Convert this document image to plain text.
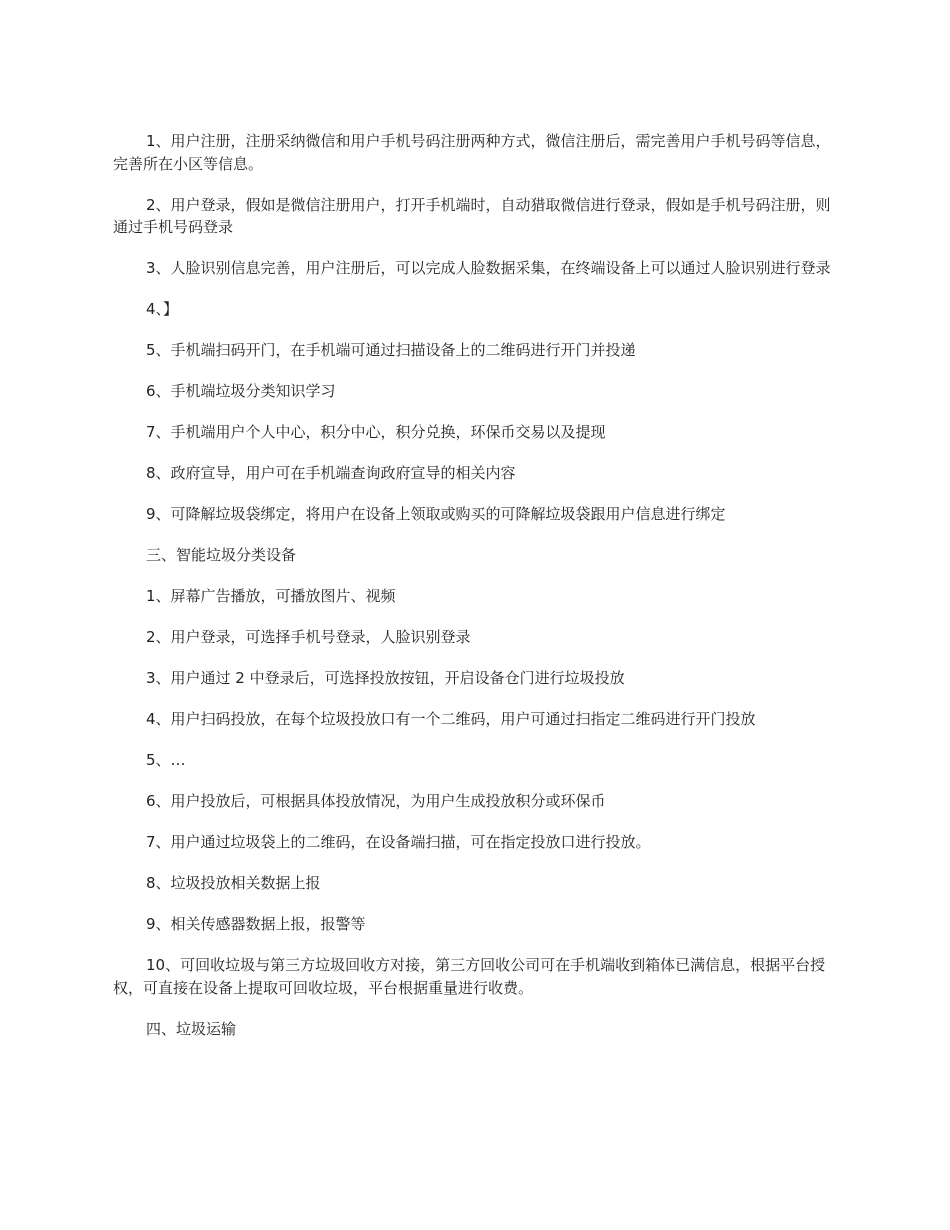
1、用户注册，注册采纳微信和用户手机号码注册两种方式，微信注册后，需完善用户手机号码等信息，完善所在小区等信息。

2、用户登录，假如是微信注册用户，打开手机端时，自动猎取微信进行登录，假如是手机号码注册，则通过手机号码登录

3、人脸识别信息完善，用户注册后，可以完成人脸数据采集，在终端设备上可以通过人脸识别进行登录

4、】

5、手机端扫码开门，在手机端可通过扫描设备上的二维码进行开门并投递

6、手机端垃圾分类知识学习

7、手机端用户个人中心，积分中心，积分兑换，环保币交易以及提现

8、政府宣导，用户可在手机端查询政府宣导的相关内容

9、可降解垃圾袋绑定，将用户在设备上领取或购买的可降解垃圾袋跟用户信息进行绑定

三、智能垃圾分类设备

1、屏幕广告播放，可播放图片、视频

2、用户登录，可选择手机号登录，人脸识别登录

3、用户通过 2 中登录后，可选择投放按钮，开启设备仓门进行垃圾投放

4、用户扫码投放，在每个垃圾投放口有一个二维码，用户可通过扫指定二维码进行开门投放

5、…

6、用户投放后，可根据具体投放情况，为用户生成投放积分或环保币

7、用户通过垃圾袋上的二维码，在设备端扫描，可在指定投放口进行投放。

8、垃圾投放相关数据上报

9、相关传感器数据上报，报警等

10、可回收垃圾与第三方垃圾回收方对接，第三方回收公司可在手机端收到箱体已满信息，根据平台授权，可直接在设备上提取可回收垃圾，平台根据重量进行收费。

四、垃圾运输
